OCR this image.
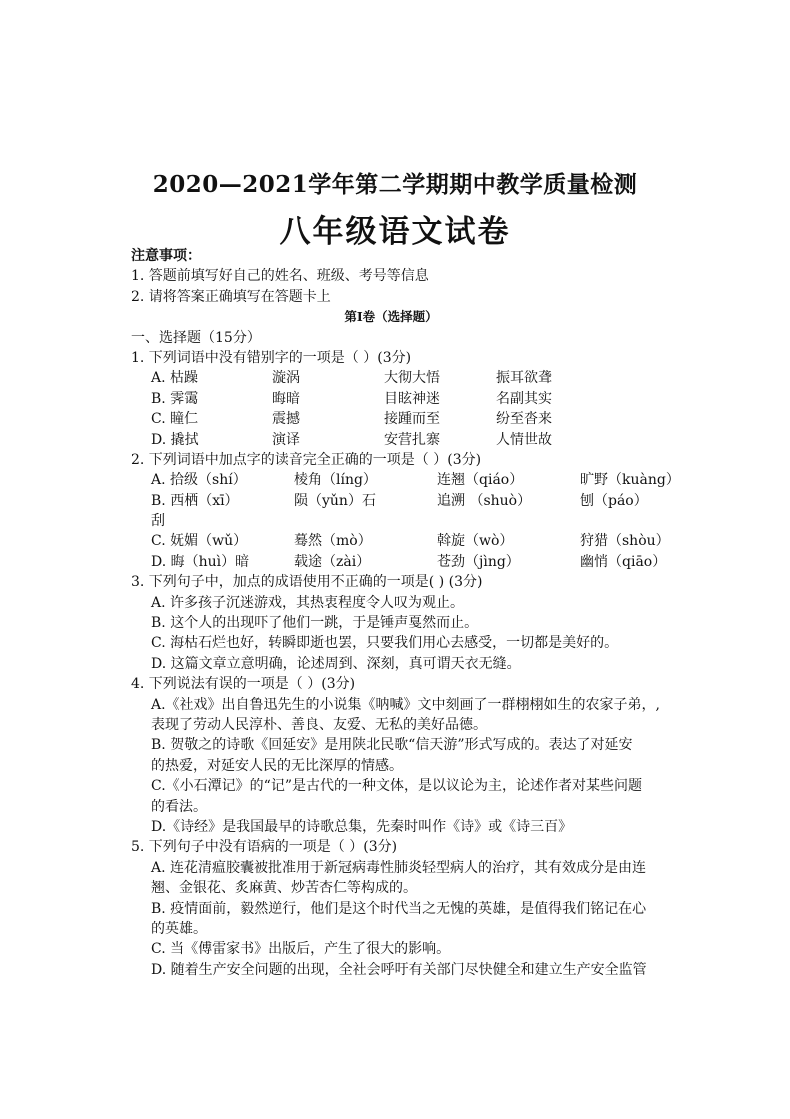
2020—2021学年第二学期期中教学质量检测
八年级语文试卷
注意事项：
1. 答题前填写好自己的姓名、班级、考号等信息
2. 请将答案正确填写在答题卡上
第Ⅰ卷（选择题）
一、选择题（15分）
1. 下列词语中没有错别字的一项是（ ）(3分)
A. 枯躁	漩涡	大彻大悟	振耳欲聋
B. 霁霭	晦暗	目眩神迷	名副其实
C. 瞳仁	震撼	接踵而至	纷至沓来
D. 撬拭	演译	安营扎寨	人情世故
2. 下列词语中加点字的读音完全正确的一项是（ ）(3分)
A. 拾级（shí）	棱角（líng）	连翘（qiáo）	旷野（kuàng）
B. 西栖（xī）	陨（yǔn）石	追溯 （shuò）	刨（páo）
刮
C. 妩媚（wǔ）	蓦然（mò）	斡旋（wò）	狩猎（shòu）
D. 晦（huì）暗	载途（zài）	苍劲（jìng）	幽悄（qiāo）
3. 下列句子中，加点的成语使用不正确的一项是( ) (3分)
A. 许多孩子沉迷游戏，其热衷程度令人叹为观止。
B. 这个人的出现吓了他们一跳，于是锤声戛然而止。
C. 海枯石烂也好，转瞬即逝也罢，只要我们用心去感受，一切都是美好的。
D. 这篇文章立意明确，论述周到、深刻，真可谓天衣无缝。
4. 下列说法有误的一项是（ ）(3分)
A.《社戏》出自鲁迅先生的小说集《呐喊》文中刻画了一群栩栩如生的农家子弟，,
表现了劳动人民淳朴、善良、友爱、无私的美好品德。
B. 贺敬之的诗歌《回延安》是用陕北民歌“信天游”形式写成的。表达了对延安
的热爱，对延安人民的无比深厚的情感。
C.《小石潭记》的“记”是古代的一种文体，是以议论为主，论述作者对某些问题
的看法。
D.《诗经》是我国最早的诗歌总集，先秦时叫作《诗》或《诗三百》
5. 下列句子中没有语病的一项是（ ）(3分)
A. 连花清瘟胶囊被批准用于新冠病毒性肺炎轻型病人的治疗，其有效成分是由连
翘、金银花、炙麻黄、炒苦杏仁等构成的。
B. 疫情面前，毅然逆行，他们是这个时代当之无愧的英雄，是值得我们铭记在心
的英雄。
C. 当《傅雷家书》出版后，产生了很大的影响。
D. 随着生产安全问题的出现，全社会呼吁有关部门尽快健全和建立生产安全监管
